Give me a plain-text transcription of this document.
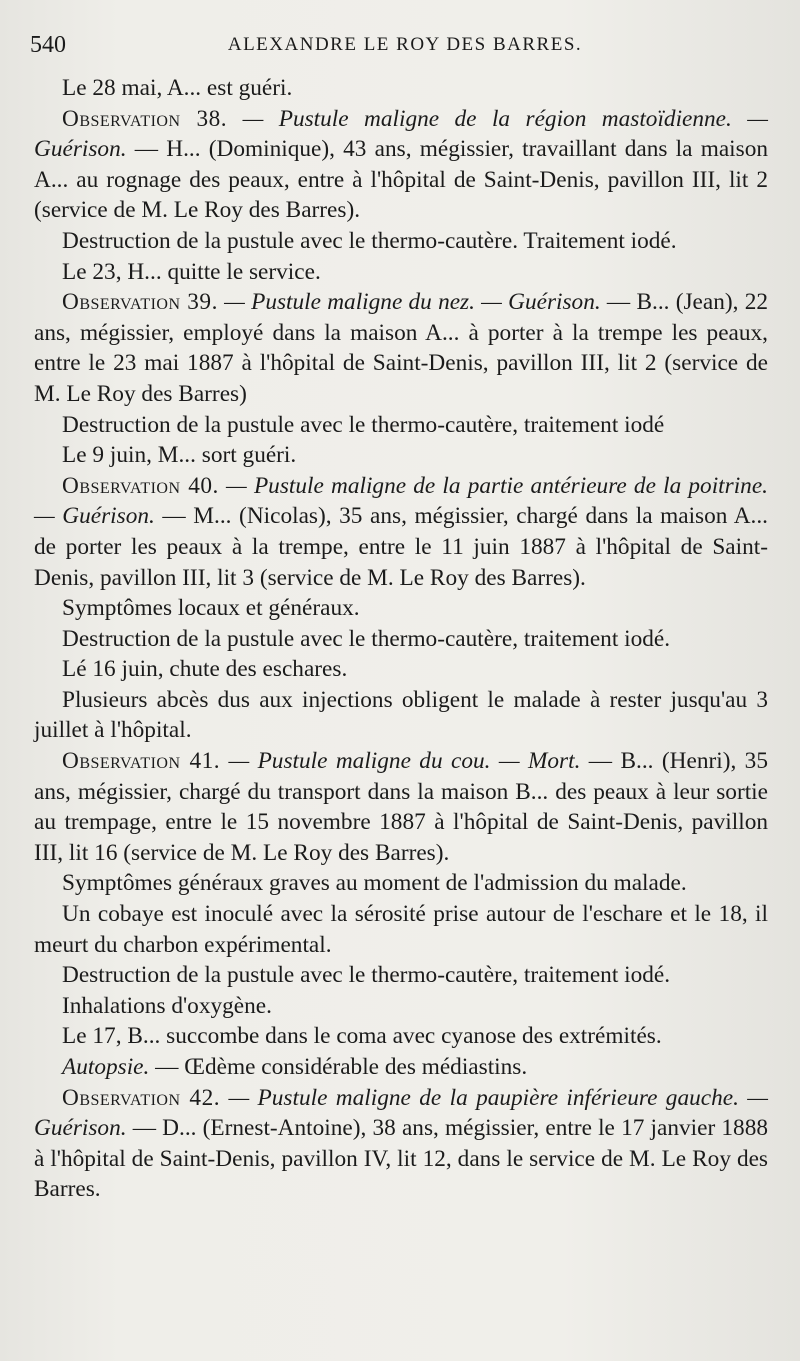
540	ALEXANDRE LE ROY DES BARRES.

Le 28 mai, A... est guéri.

Observation 38. — Pustule maligne de la région mastoïdienne. — Guérison. — H... (Dominique), 43 ans, mégissier, travaillant dans la maison A... au rognage des peaux, entre à l'hôpital de Saint-Denis, pavillon III, lit 2 (service de M. Le Roy des Barres).

Destruction de la pustule avec le thermo-cautère. Traitement iodé.

Le 23, H... quitte le service.

Observation 39. — Pustule maligne du nez. — Guérison. — B... (Jean), 22 ans, mégissier, employé dans la maison A... à porter à la trempe les peaux, entre le 23 mai 1887 à l'hôpital de Saint-Denis, pavillon III, lit 2 (service de M. Le Roy des Barres)

Destruction de la pustule avec le thermo-cautère, traitement iodé

Le 9 juin, M... sort guéri.

Observation 40. — Pustule maligne de la partie antérieure de la poitrine. — Guérison. — M... (Nicolas), 35 ans, mégissier, chargé dans la maison A... de porter les peaux à la trempe, entre le 11 juin 1887 à l'hôpital de Saint-Denis, pavillon III, lit 3 (service de M. Le Roy des Barres).

Symptômes locaux et généraux.

Destruction de la pustule avec le thermo-cautère, traitement iodé.

Lé 16 juin, chute des eschares.

Plusieurs abcès dus aux injections obligent le malade à rester jusqu'au 3 juillet à l'hôpital.

Observation 41. — Pustule maligne du cou. — Mort. — B... (Henri), 35 ans, mégissier, chargé du transport dans la maison B... des peaux à leur sortie au trempage, entre le 15 novembre 1887 à l'hôpital de Saint-Denis, pavillon III, lit 16 (service de M. Le Roy des Barres).

Symptômes généraux graves au moment de l'admission du malade.

Un cobaye est inoculé avec la sérosité prise autour de l'eschare et le 18, il meurt du charbon expérimental.

Destruction de la pustule avec le thermo-cautère, traitement iodé.

Inhalations d'oxygène.

Le 17, B... succombe dans le coma avec cyanose des extrémités.

Autopsie. — Œdème considérable des médiastins.

Observation 42. — Pustule maligne de la paupière inférieure gauche. — Guérison. — D... (Ernest-Antoine), 38 ans, mégissier, entre le 17 janvier 1888 à l'hôpital de Saint-Denis, pavillon IV, lit 12, dans le service de M. Le Roy des Barres.
